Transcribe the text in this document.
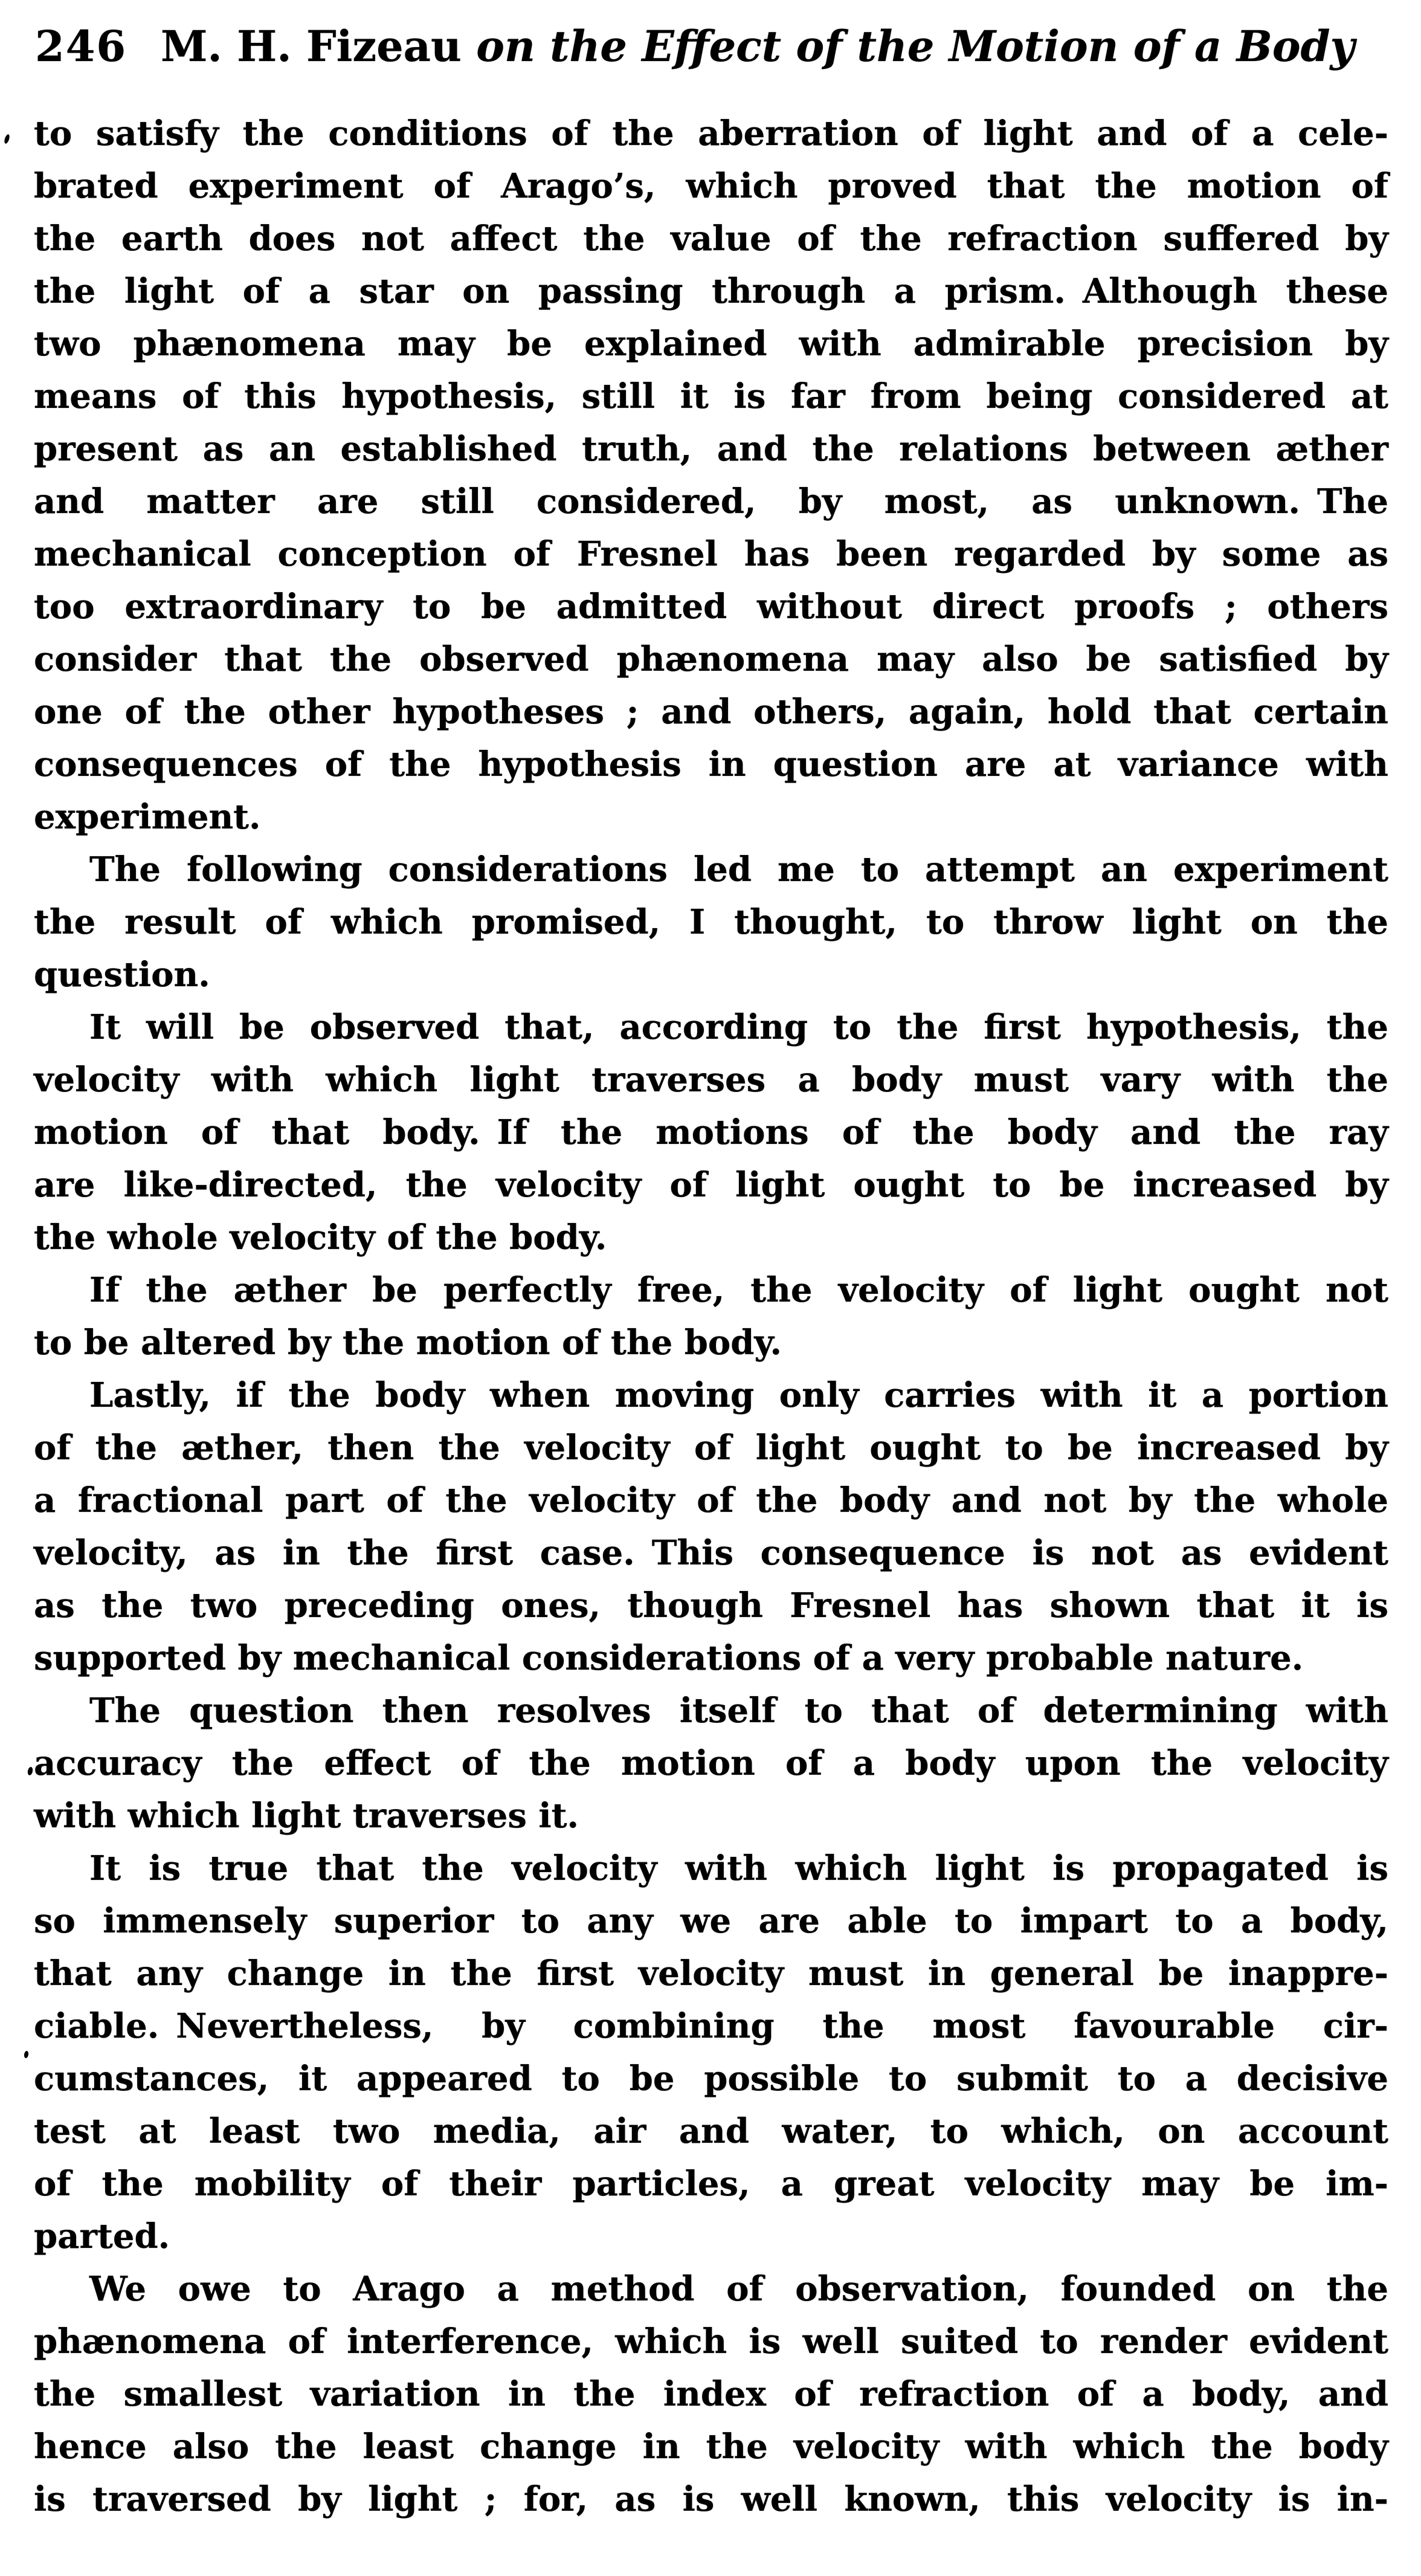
246 M. H. Fizeau on the Effect of the Motion of a Body
to satisfy the conditions of the aberration of light and of a cele-
brated experiment of Arago’s, which proved that the motion of
the earth does not affect the value of the refraction suffered by
the light of a star on passing through a prism. Although these
two phænomena may be explained with admirable precision by
means of this hypothesis, still it is far from being considered at
present as an established truth, and the relations between æther
and matter are still considered, by most, as unknown. The
mechanical conception of Fresnel has been regarded by some as
too extraordinary to be admitted without direct proofs ; others
consider that the observed phænomena may also be satisfied by
one of the other hypotheses ; and others, again, hold that certain
consequences of the hypothesis in question are at variance with
experiment.
The following considerations led me to attempt an experiment
the result of which promised, I thought, to throw light on the
question.
It will be observed that, according to the first hypothesis, the
velocity with which light traverses a body must vary with the
motion of that body. If the motions of the body and the ray
are like-directed, the velocity of light ought to be increased by
the whole velocity of the body.
If the æther be perfectly free, the velocity of light ought not
to be altered by the motion of the body.
Lastly, if the body when moving only carries with it a portion
of the æther, then the velocity of light ought to be increased by
a fractional part of the velocity of the body and not by the whole
velocity, as in the first case. This consequence is not as evident
as the two preceding ones, though Fresnel has shown that it is
supported by mechanical considerations of a very probable nature.
The question then resolves itself to that of determining with
accuracy the effect of the motion of a body upon the velocity
with which light traverses it.
It is true that the velocity with which light is propagated is
so immensely superior to any we are able to impart to a body,
that any change in the first velocity must in general be inappre-
ciable. Nevertheless, by combining the most favourable cir-
cumstances, it appeared to be possible to submit to a decisive
test at least two media, air and water, to which, on account
of the mobility of their particles, a great velocity may be im-
parted.
We owe to Arago a method of observation, founded on the
phænomena of interference, which is well suited to render evident
the smallest variation in the index of refraction of a body, and
hence also the least change in the velocity with which the body
is traversed by light ; for, as is well known, this velocity is in-
